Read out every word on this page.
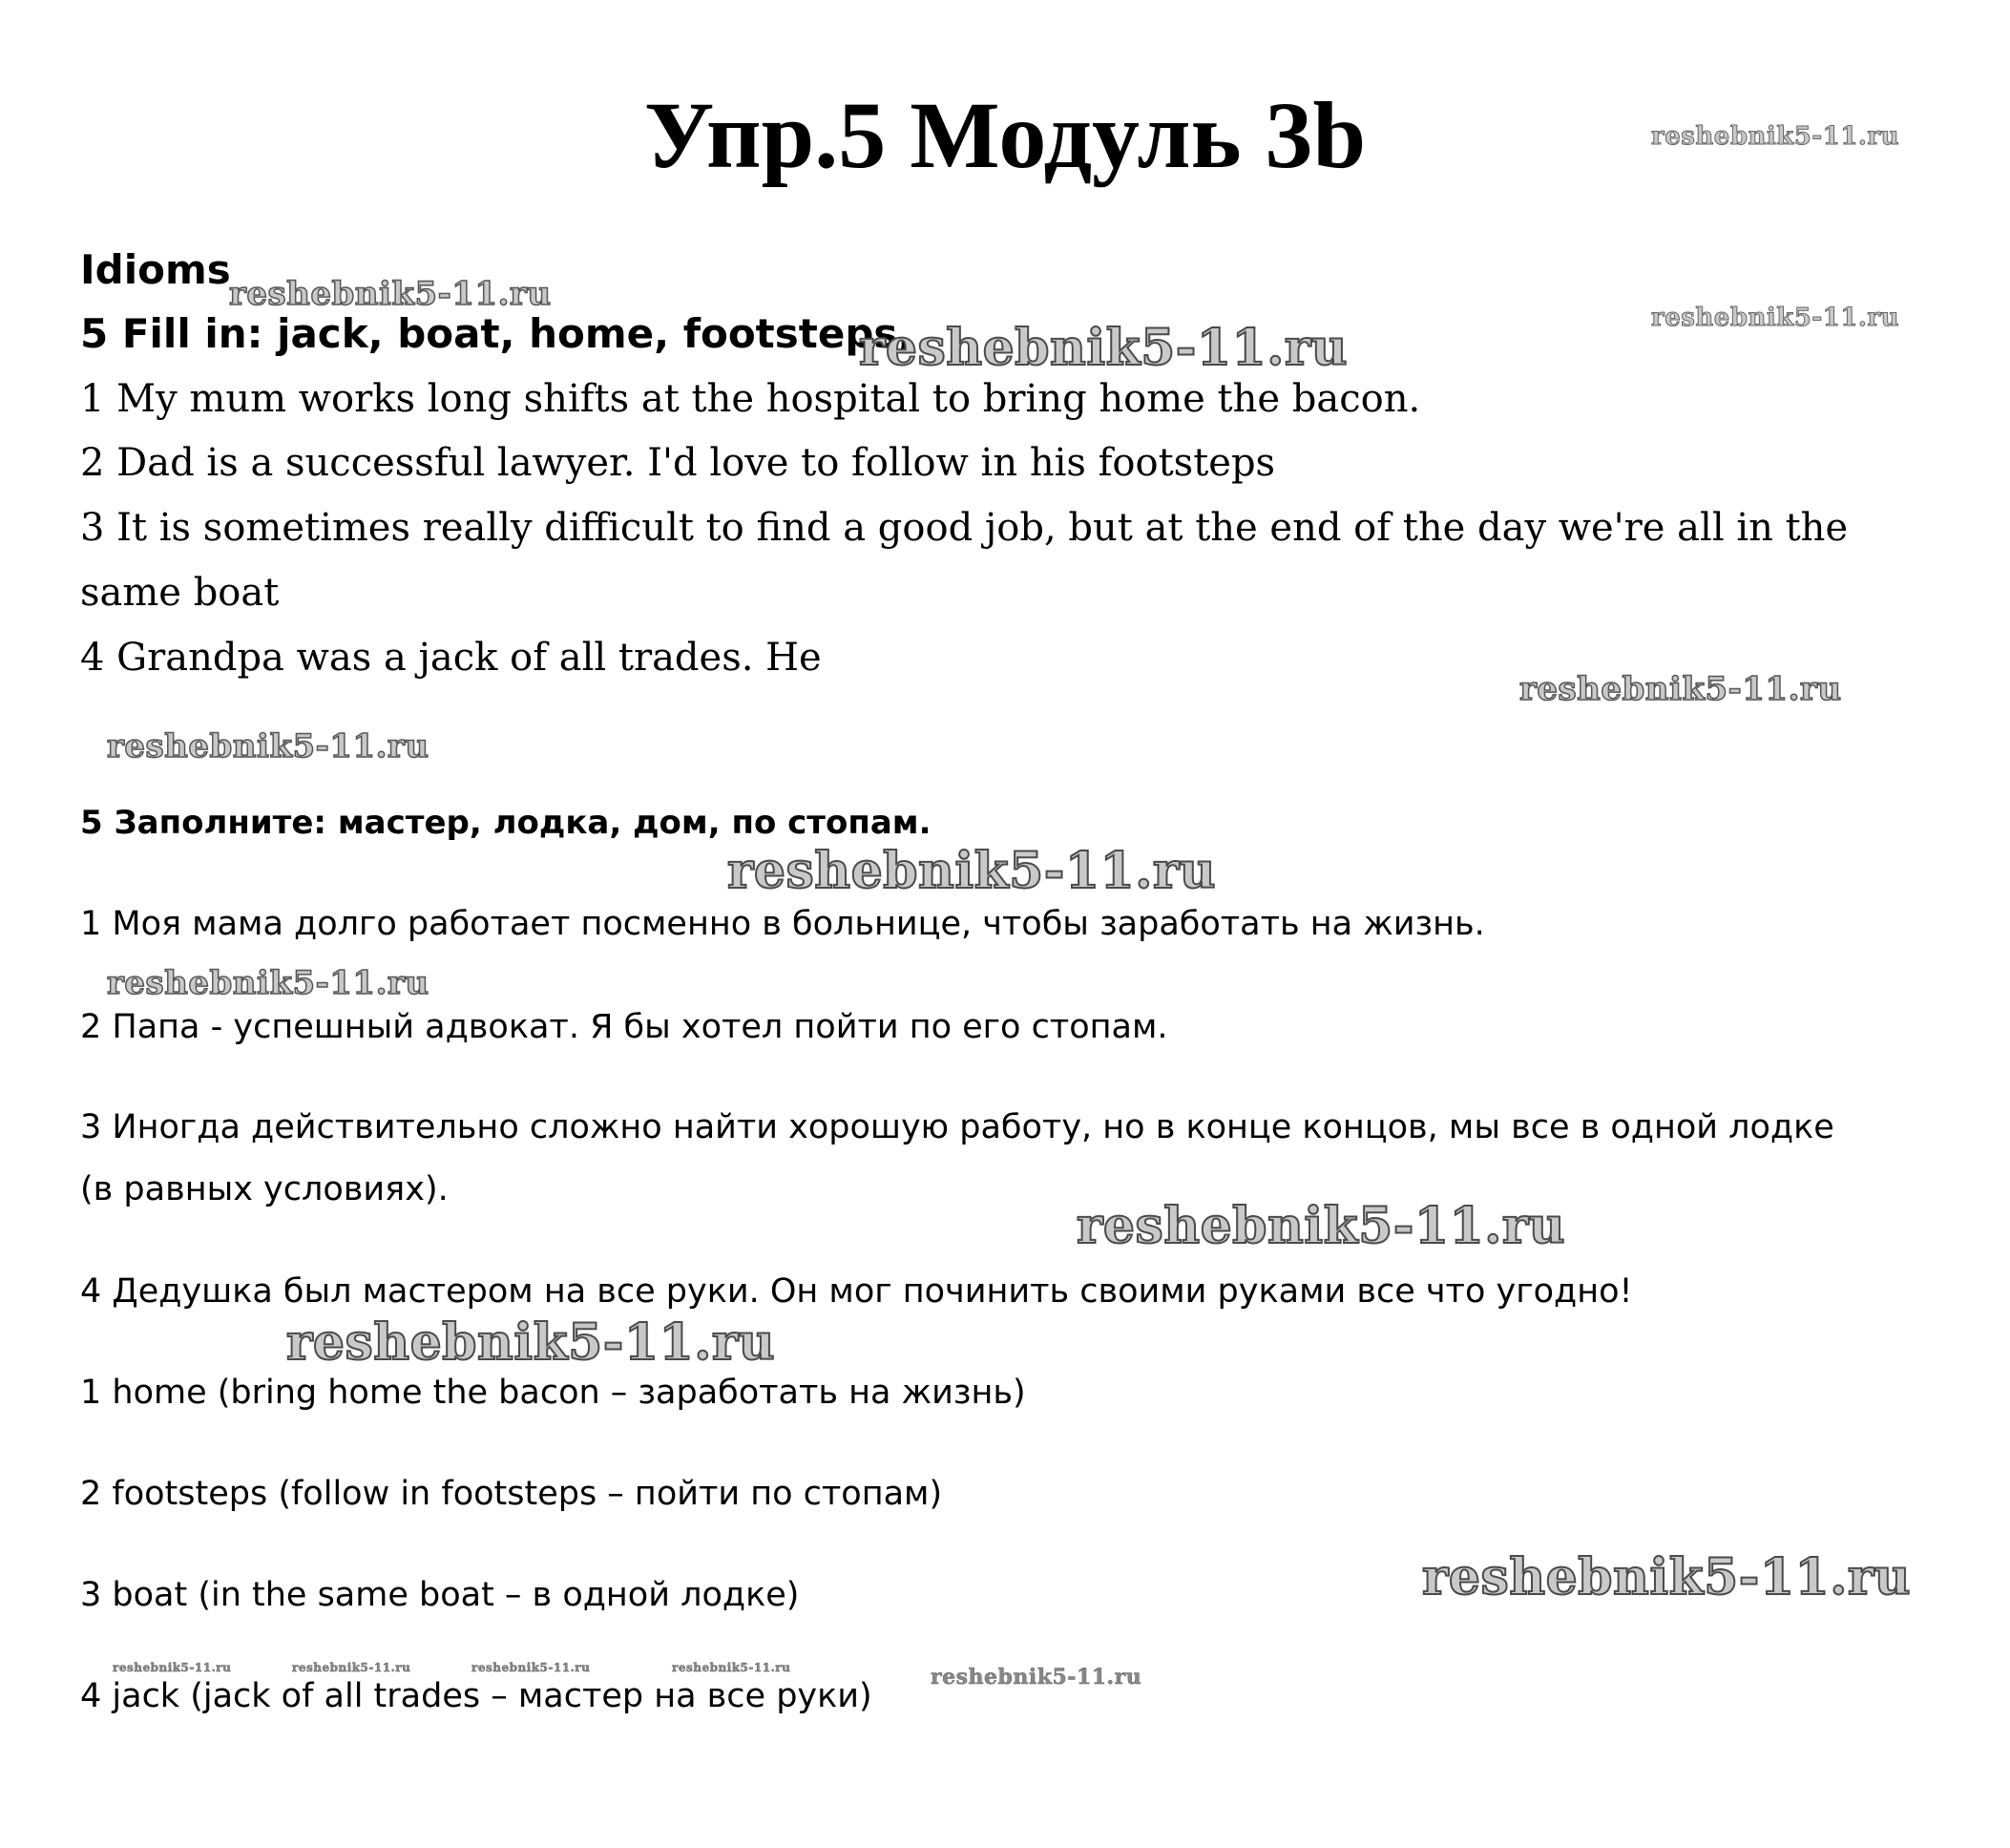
Упр.5 Модуль 3b

Idioms

5 Fill in: jack, boat, home, footsteps,

1 My mum works long shifts at the hospital to bring home the bacon.

2 Dad is a successful lawyer. I'd love to follow in his footsteps

3 It is sometimes really difficult to find a good job, but at the end of the day we're all in the

same boat

4 Grandpa was a jack of all trades. He

5 Заполните: мастер, лодка, дом, по стопам.

1 Моя мама долго работает посменно в больнице, чтобы заработать на жизнь.

2 Папа - успешный адвокат. Я бы хотел пойти по его стопам.

3 Иногда действительно сложно найти хорошую работу, но в конце концов, мы все в одной лодке

(в равных условиях).

4 Дедушка был мастером на все руки. Он мог починить своими руками все что угодно!

1 home (bring home the bacon – заработать на жизнь)

2 footsteps (follow in footsteps – пойти по стопам)

3 boat (in the same boat – в одной лодке)

4 jack (jack of all trades – мастер на все руки)

reshebnik5-11.ru
reshebnik5-11.ru
reshebnik5-11.ru
reshebnik5-11.ru
reshebnik5-11.ru
reshebnik5-11.ru
reshebnik5-11.ru
reshebnik5-11.ru
reshebnik5-11.ru
reshebnik5-11.ru
reshebnik5-11.ru
reshebnik5-11.ru	reshebnik5-11.ru	reshebnik5-11.ru	reshebnik5-11.ru	reshebnik5-11.ru
